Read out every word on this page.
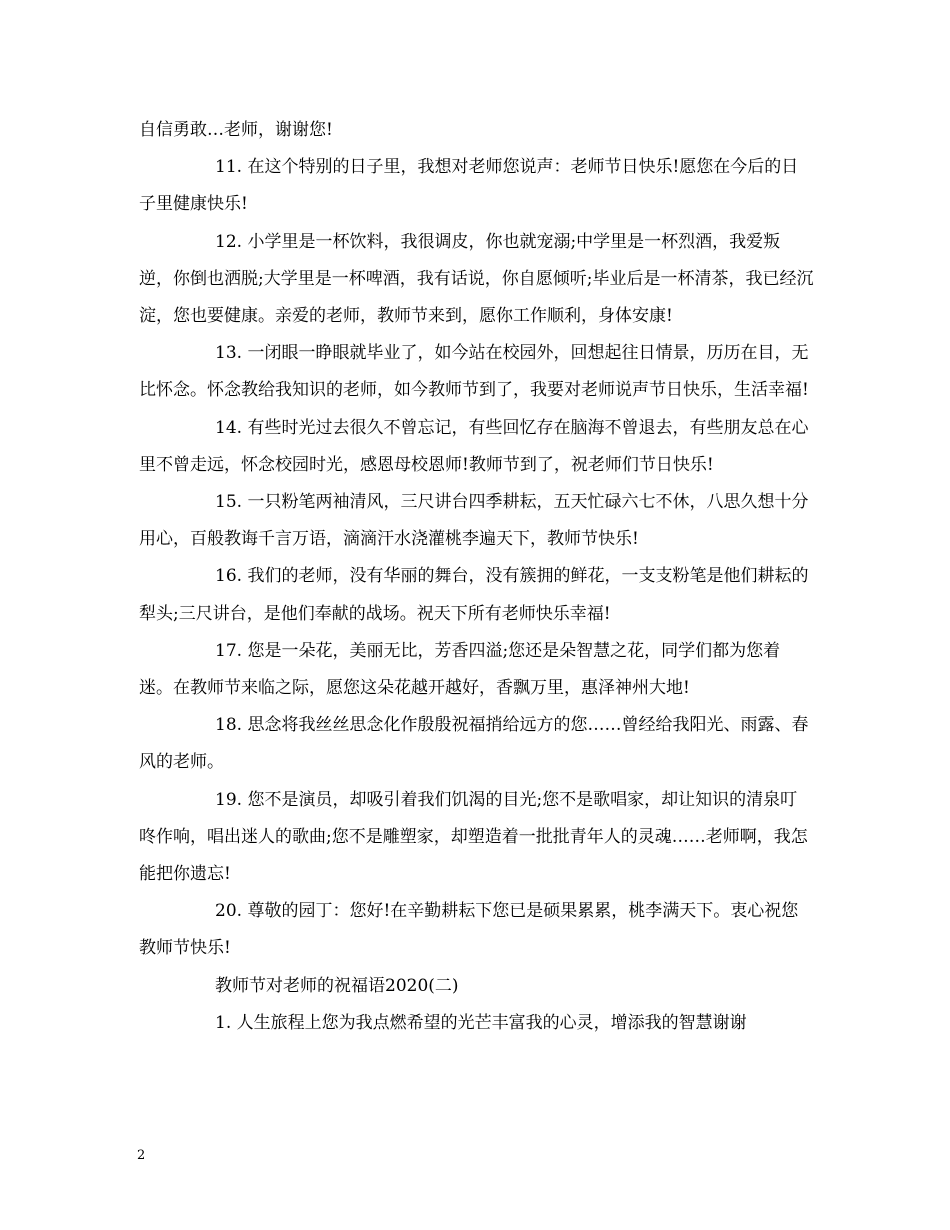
自信勇敢…老师，谢谢您!

11. 在这个特别的日子里，我想对老师您说声：老师节日快乐!愿您在今后的日子里健康快乐!

12. 小学里是一杯饮料，我很调皮，你也就宠溺;中学里是一杯烈酒，我爱叛逆，你倒也洒脱;大学里是一杯啤酒，我有话说，你自愿倾听;毕业后是一杯清茶，我已经沉淀，您也要健康。亲爱的老师，教师节来到，愿你工作顺利，身体安康!

13. 一闭眼一睁眼就毕业了，如今站在校园外，回想起往日情景，历历在目，无比怀念。怀念教给我知识的老师，如今教师节到了，我要对老师说声节日快乐，生活幸福!

14. 有些时光过去很久不曾忘记，有些回忆存在脑海不曾退去，有些朋友总在心里不曾走远，怀念校园时光，感恩母校恩师!教师节到了，祝老师们节日快乐!

15. 一只粉笔两袖清风，三尺讲台四季耕耘，五天忙碌六七不休，八思久想十分用心，百般教诲千言万语，滴滴汗水浇灌桃李遍天下，教师节快乐!

16. 我们的老师，没有华丽的舞台，没有簇拥的鲜花，一支支粉笔是他们耕耘的犁头;三尺讲台，是他们奉献的战场。祝天下所有老师快乐幸福!

17. 您是一朵花，美丽无比，芳香四溢;您还是朵智慧之花，同学们都为您着迷。在教师节来临之际，愿您这朵花越开越好，香飘万里，惠泽神州大地!

18. 思念将我丝丝思念化作殷殷祝福捎给远方的您……曾经给我阳光、雨露、春风的老师。

19. 您不是演员，却吸引着我们饥渴的目光;您不是歌唱家，却让知识的清泉叮咚作响，唱出迷人的歌曲;您不是雕塑家，却塑造着一批批青年人的灵魂……老师啊，我怎能把你遗忘!

20. 尊敬的园丁：您好!在辛勤耕耘下您已是硕果累累，桃李满天下。衷心祝您教师节快乐!

教师节对老师的祝福语2020(二)

1. 人生旅程上您为我点燃希望的光芒丰富我的心灵，增添我的智慧谢谢

2
